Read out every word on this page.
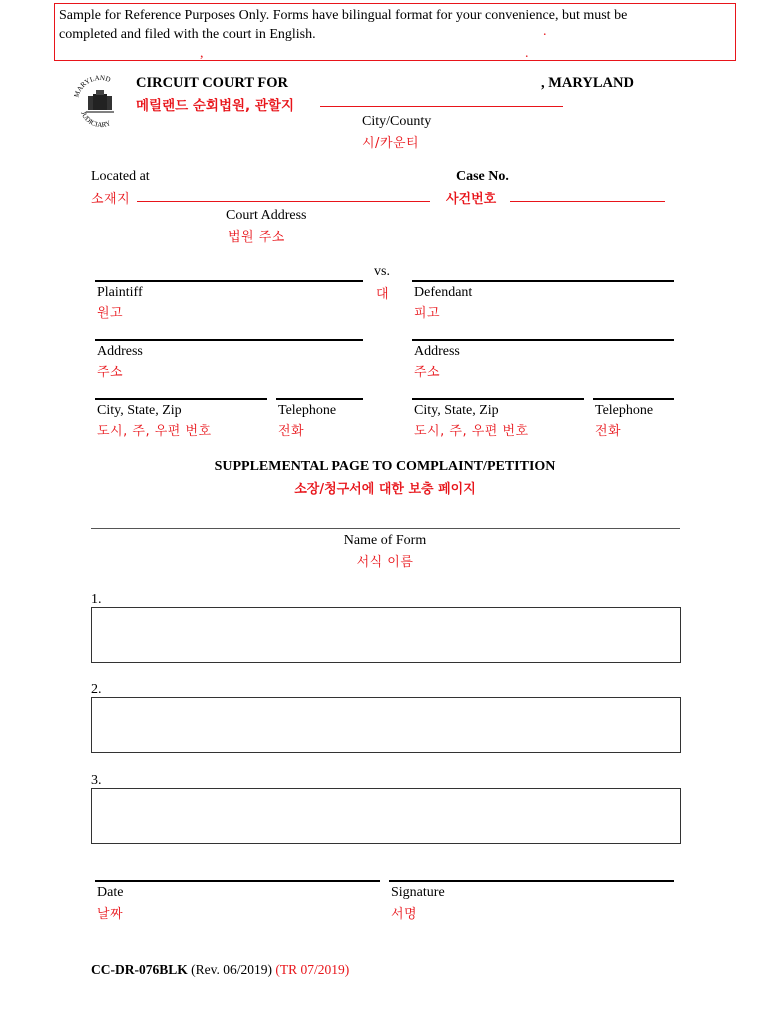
Sample for Reference Purposes Only. Forms have bilingual format for your convenience, but must be
completed and filed with the court in English.	.
,	.
MARYLAND
JUDICIARY
CIRCUIT COURT FOR	, MARYLAND
메릴랜드 순회법원, 관할지
City/County
시/카운티
Located at
소재지
Case No.
사건번호
Court Address
법원 주소
vs.
대
Plaintiff
원고
Defendant
피고
Address
주소
Address
주소
City, State, Zip
도시, 주, 우편 번호
Telephone
전화
City, State, Zip
도시, 주, 우편 번호
Telephone
전화
SUPPLEMENTAL PAGE TO COMPLAINT/PETITION
소장/청구서에 대한 보충 페이지
Name of Form
서식 이름
1.
2.
3.
Date
날짜
Signature
서명
CC-DR-076BLK (Rev. 06/2019) (TR 07/2019)
